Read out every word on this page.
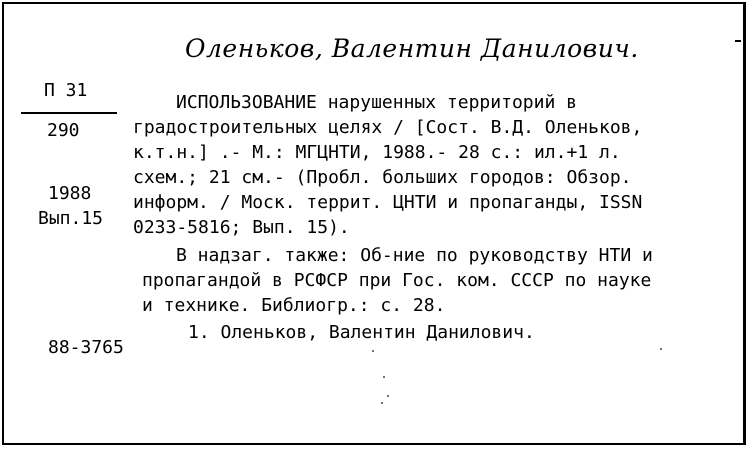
Оленьков, Валентин Данилович.
П 31
290
1988
Вып.15
ИСПОЛЬЗОВАНИЕ нарушенных территорий в
градостроительных целях / [Сост. В.Д. Оленьков,
к.т.н.] .- М.: МГЦНТИ, 1988.- 28 с.: ил.+1 л.
схем.; 21 см.- (Пробл. больших городов: Обзор.
информ. / Моск. террит. ЦНТИ и пропаганды, ISSN
0233-5816; Вып. 15).
В надзаг. также: Об-ние по руководству НТИ и
пропагандой в РСФСР при Гос. ком. СССР по науке
и технике. Библиогр.: с. 28.
1. Оленьков, Валентин Данилович.
88-3765
